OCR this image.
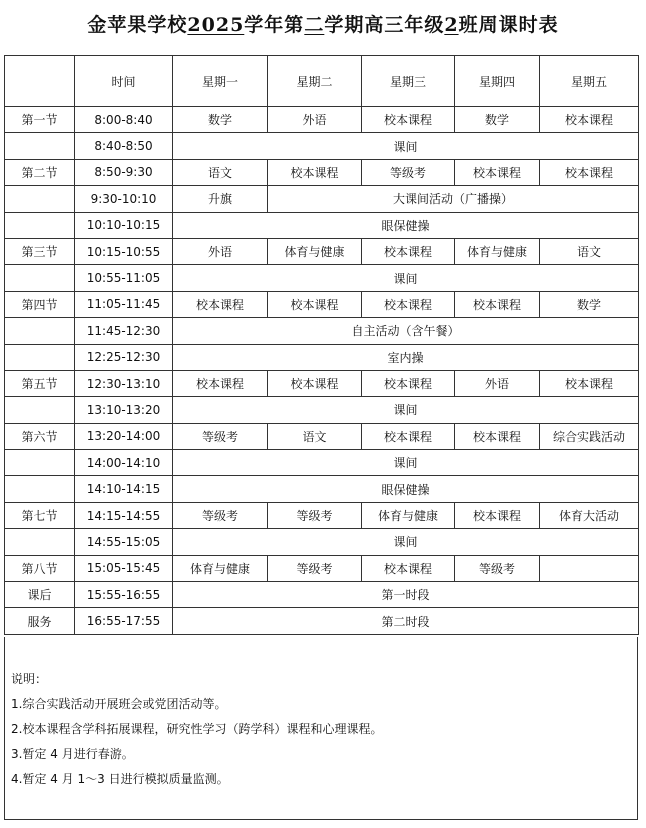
金苹果学校2025学年第二学期高三年级2班周课时表
	时间	星期一	星期二	星期三	星期四	星期五
第一节	8:00-8:40	数学	外语	校本课程	数学	校本课程
	8:40-8:50	课间				
第二节	8:50-9:30	语文	校本课程	等级考	校本课程	校本课程
	9:30-10:10	升旗	大课间活动（广播操）			
	10:10-10:15	眼保健操				
第三节	10:15-10:55	外语	体育与健康	校本课程	体育与健康	语文
	10:55-11:05	课间				
第四节	11:05-11:45	校本课程	校本课程	校本课程	校本课程	数学
	11:45-12:30	自主活动（含午餐）				
	12:25-12:30	室内操				
第五节	12:30-13:10	校本课程	校本课程	校本课程	外语	校本课程
	13:10-13:20	课间				
第六节	13:20-14:00	等级考	语文	校本课程	校本课程	综合实践活动
	14:00-14:10	课间				
	14:10-14:15	眼保健操				
第七节	14:15-14:55	等级考	等级考	体育与健康	校本课程	体育大活动
	14:55-15:05	课间				
第八节	15:05-15:45	体育与健康	等级考	校本课程	等级考	
课后	15:55-16:55	第一时段				
服务	16:55-17:55	第二时段				
说明：
1.综合实践活动开展班会或党团活动等。
2.校本课程含学科拓展课程，研究性学习（跨学科）课程和心理课程。
3.暂定 4 月进行春游。
4.暂定 4 月 1～3 日进行模拟质量监测。
